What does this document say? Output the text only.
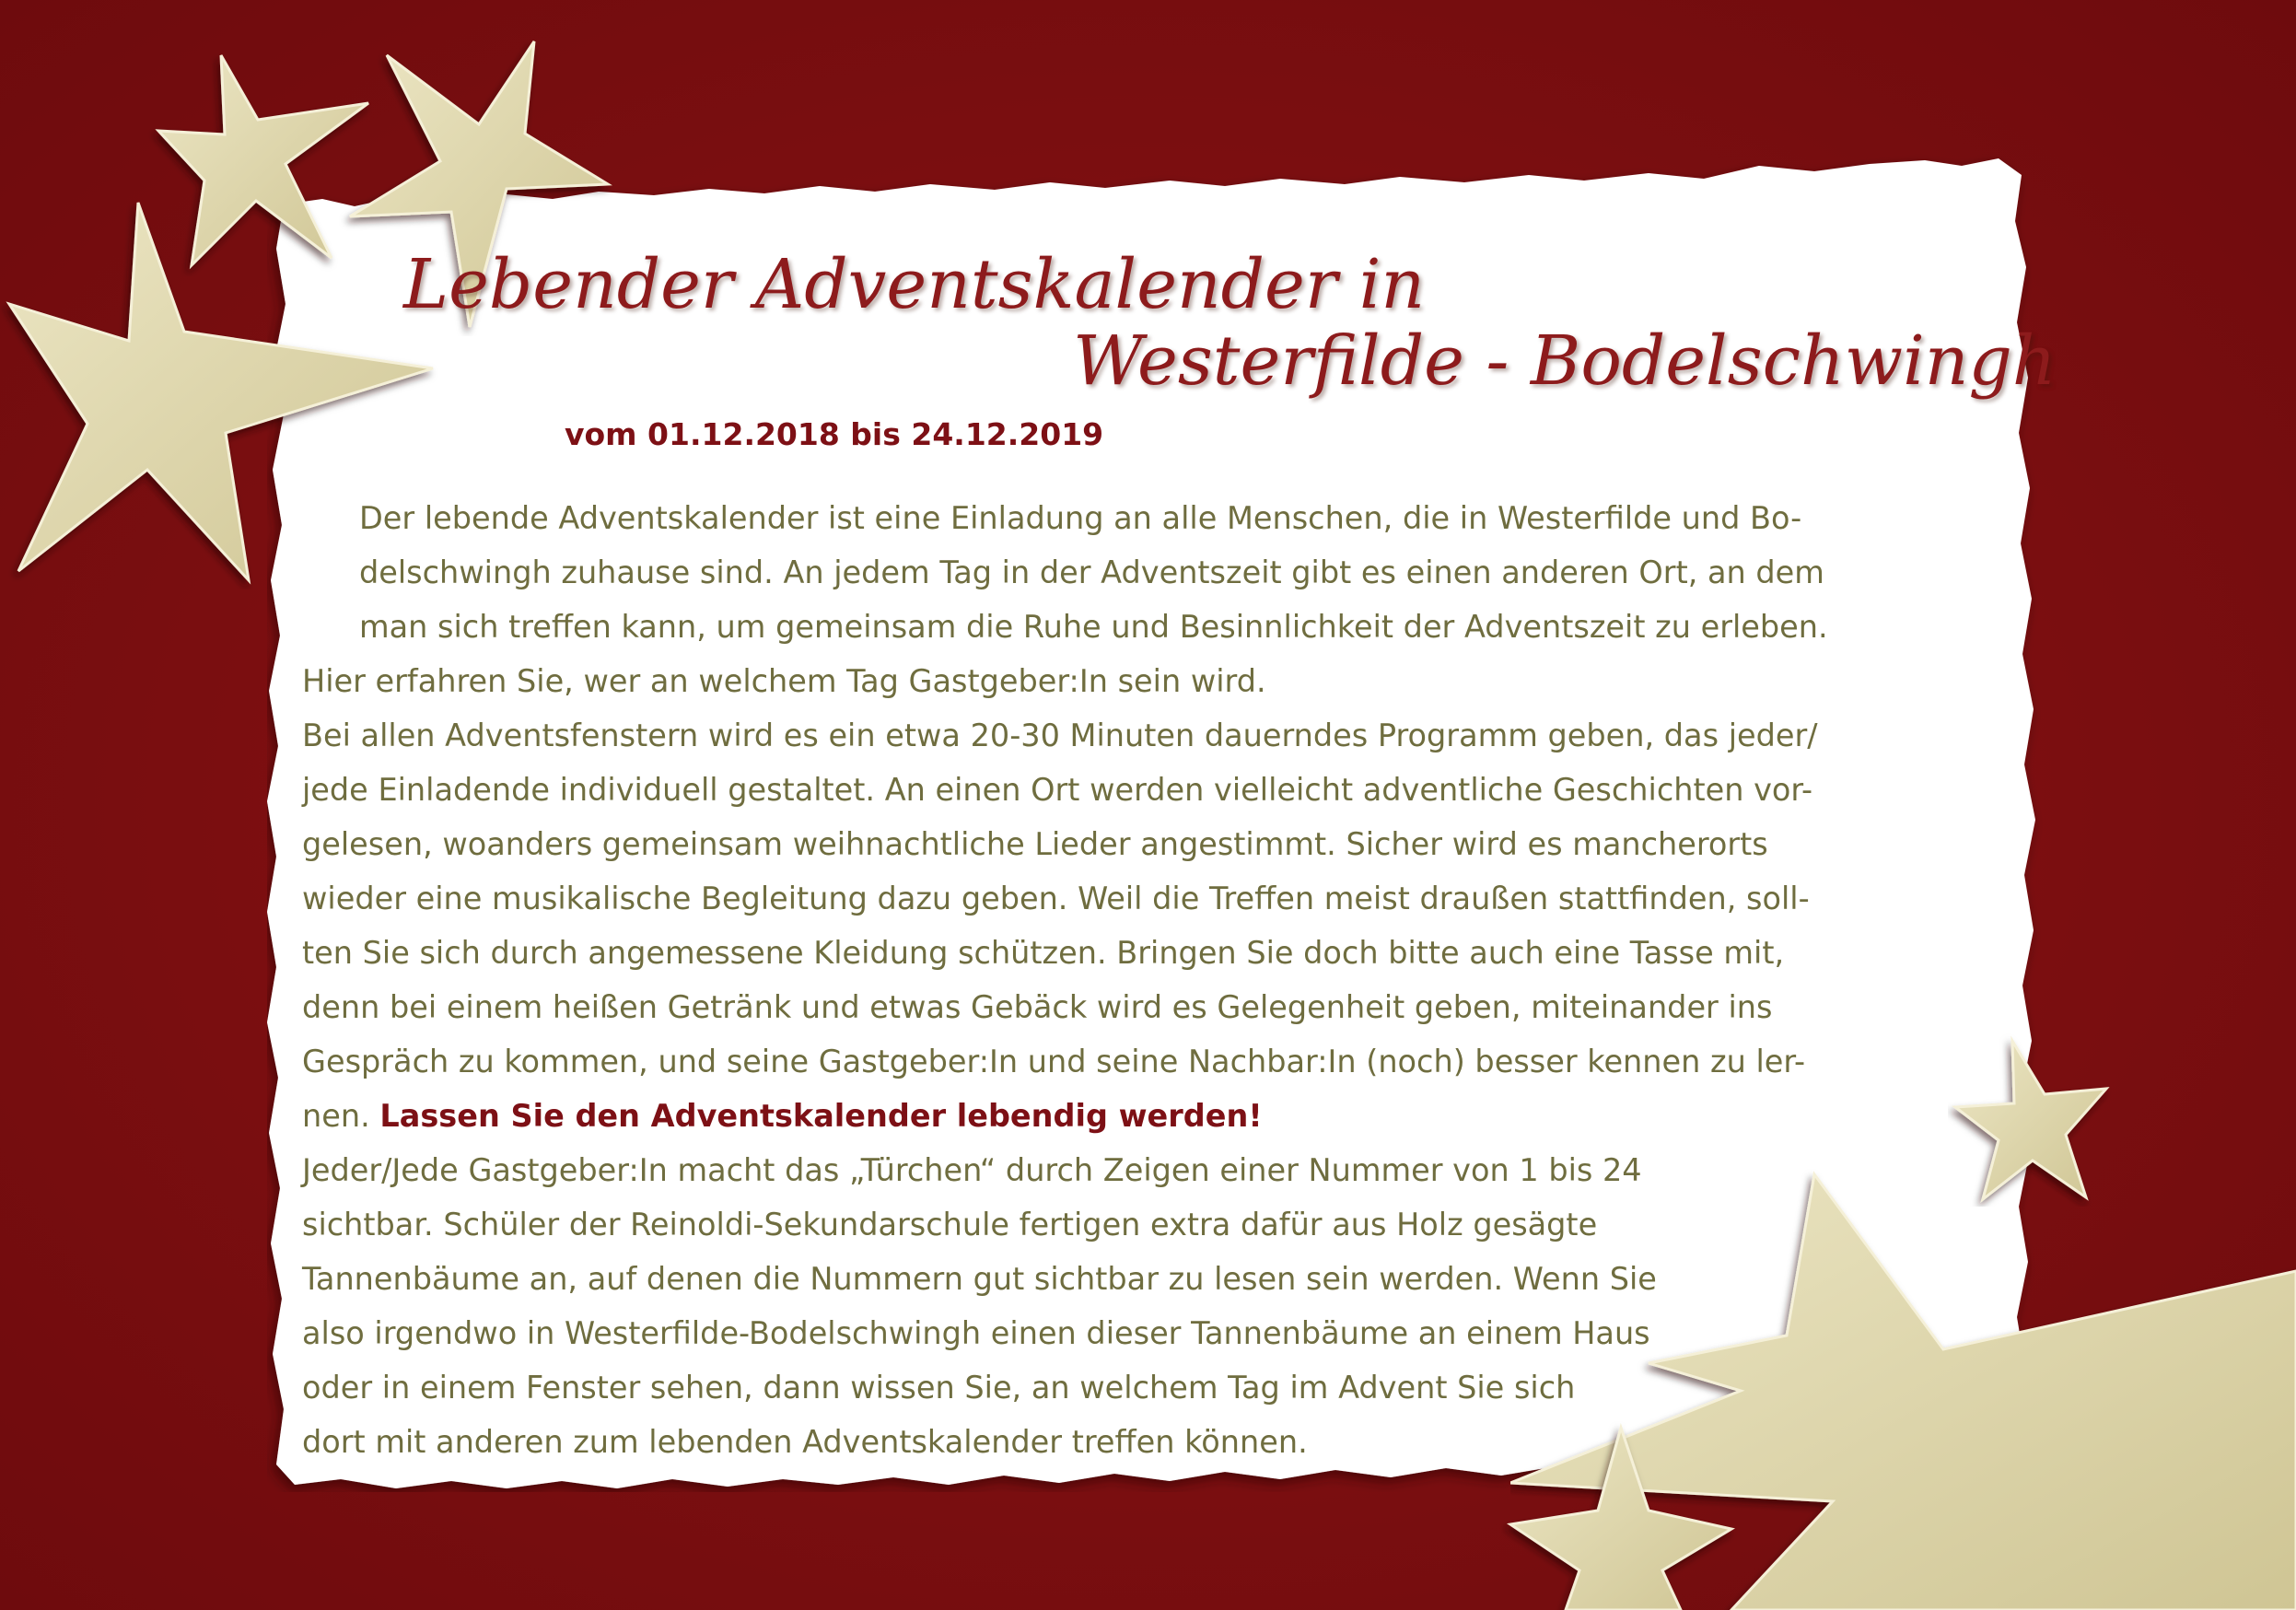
Lebender Adventskalender in
Westerfilde - Bodelschwingh
vom 01.12.2018 bis 24.12.2019
Der lebende Adventskalender ist eine Einladung an alle Menschen, die in Westerfilde und Bo-
delschwingh zuhause sind. An jedem Tag in der Adventszeit gibt es einen anderen Ort, an dem
man sich treffen kann, um gemeinsam die Ruhe und Besinnlichkeit der Adventszeit zu erleben.
Hier erfahren Sie, wer an welchem Tag Gastgeber:In sein wird.
Bei allen Adventsfenstern wird es ein etwa 20-30 Minuten dauerndes Programm geben, das jeder/
jede Einladende individuell gestaltet. An einen Ort werden vielleicht adventliche Geschichten vor-
gelesen, woanders gemeinsam weihnachtliche Lieder angestimmt. Sicher wird es mancherorts
wieder eine musikalische Begleitung dazu geben. Weil die Treffen meist draußen stattfinden, soll-
ten Sie sich durch angemessene Kleidung schützen. Bringen Sie doch bitte auch eine Tasse mit,
denn bei einem heißen Getränk und etwas Gebäck wird es Gelegenheit geben, miteinander ins
Gespräch zu kommen, und seine Gastgeber:In und seine Nachbar:In (noch) besser kennen zu ler-
nen. Lassen Sie den Adventskalender lebendig werden!
Jeder/Jede Gastgeber:In macht das „Türchen“ durch Zeigen einer Nummer von 1 bis 24
sichtbar. Schüler der Reinoldi-Sekundarschule fertigen extra dafür aus Holz gesägte
Tannenbäume an, auf denen die Nummern gut sichtbar zu lesen sein werden. Wenn Sie
also irgendwo in Westerfilde-Bodelschwingh einen dieser Tannenbäume an einem Haus
oder in einem Fenster sehen, dann wissen Sie, an welchem Tag im Advent Sie sich
dort mit anderen zum lebenden Adventskalender treffen können.
